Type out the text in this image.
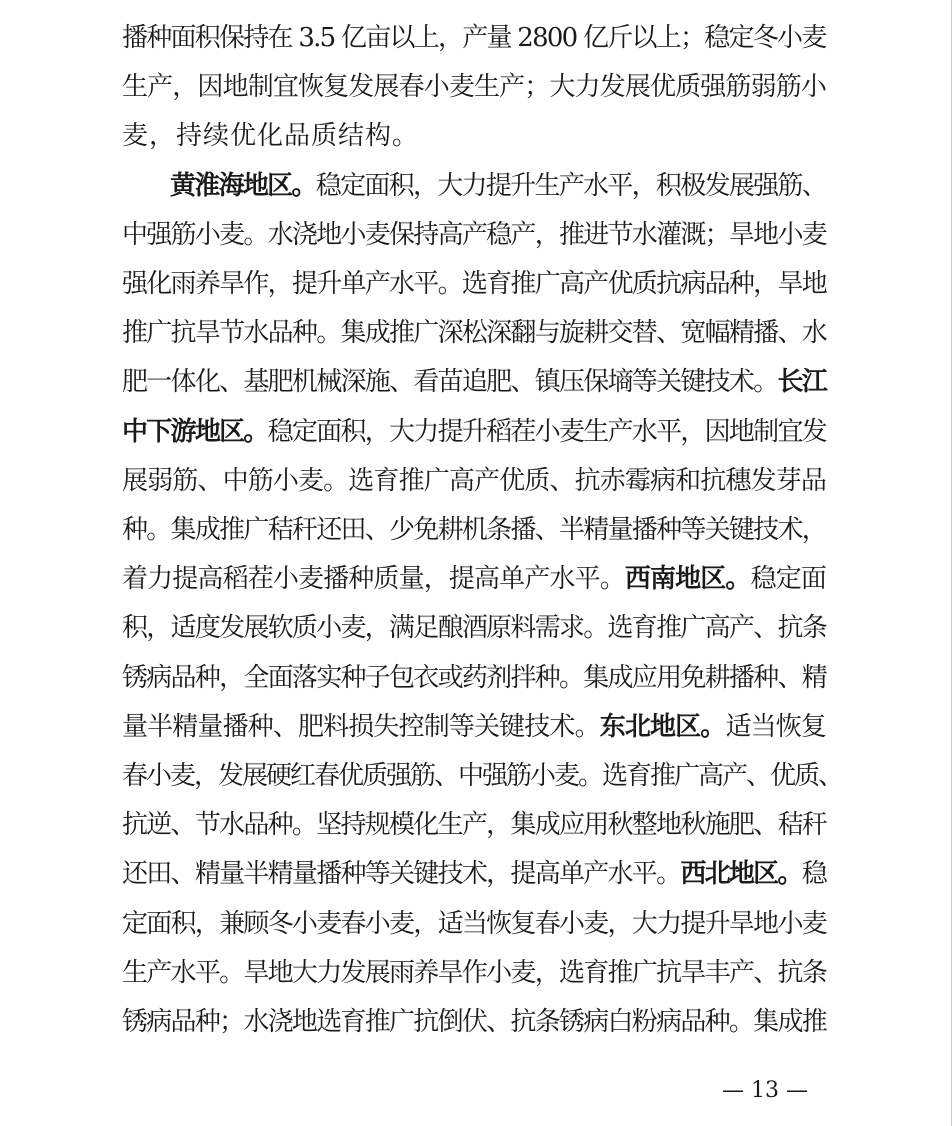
播种面积保持在 3.5 亿亩以上，产量 2800 亿斤以上；稳定冬小麦
生产，因地制宜恢复发展春小麦生产；大力发展优质强筋弱筋小
麦，持续优化品质结构。
黄淮海地区。稳定面积，大力提升生产水平，积极发展强筋、
中强筋小麦。水浇地小麦保持高产稳产，推进节水灌溉；旱地小麦
强化雨养旱作，提升单产水平。选育推广高产优质抗病品种，旱地
推广抗旱节水品种。集成推广深松深翻与旋耕交替、宽幅精播、水
肥一体化、基肥机械深施、看苗追肥、镇压保墒等关键技术。长江
中下游地区。稳定面积，大力提升稻茬小麦生产水平，因地制宜发
展弱筋、中筋小麦。选育推广高产优质、抗赤霉病和抗穗发芽品
种。集成推广秸秆还田、少免耕机条播、半精量播种等关键技术，
着力提高稻茬小麦播种质量，提高单产水平。西南地区。稳定面
积，适度发展软质小麦，满足酿酒原料需求。选育推广高产、抗条
锈病品种，全面落实种子包衣或药剂拌种。集成应用免耕播种、精
量半精量播种、肥料损失控制等关键技术。东北地区。适当恢复
春小麦，发展硬红春优质强筋、中强筋小麦。选育推广高产、优质、
抗逆、节水品种。坚持规模化生产，集成应用秋整地秋施肥、秸秆
还田、精量半精量播种等关键技术，提高单产水平。西北地区。稳
定面积，兼顾冬小麦春小麦，适当恢复春小麦，大力提升旱地小麦
生产水平。旱地大力发展雨养旱作小麦，选育推广抗旱丰产、抗条
锈病品种；水浇地选育推广抗倒伏、抗条锈病白粉病品种。集成推
— 13 —
